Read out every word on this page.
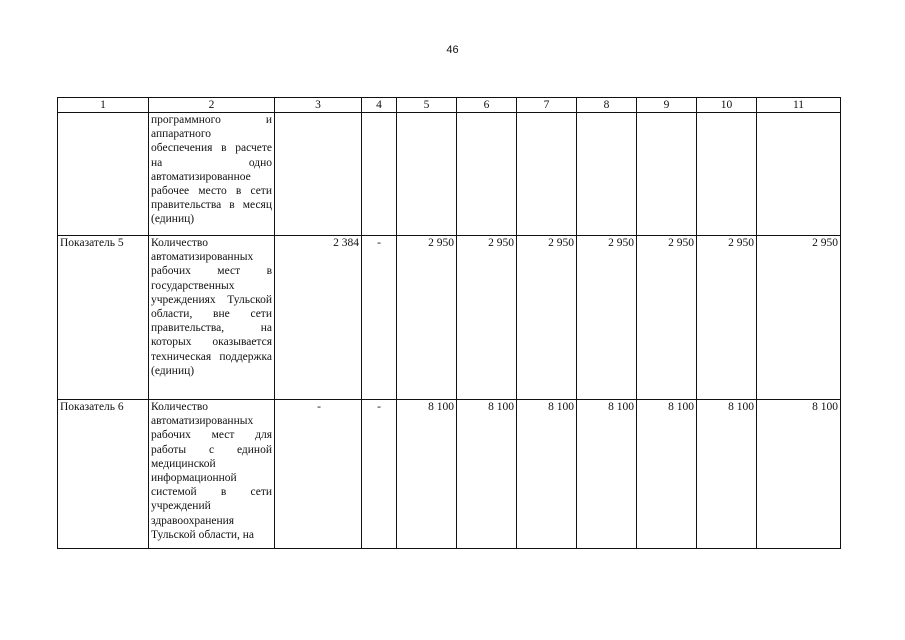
46
1	2	3	4	5	6	7	8	9	10	11
	программного и аппаратного обеспечения в расчете на одно автоматизированное рабочее место в сети правительства в месяц (единиц)									
Показатель 5	Количество автоматизированных рабочих мест в государственных учреждениях Тульской области, вне сети правительства, на которых оказывается техническая поддержка (единиц)	2 384	-	2 950	2 950	2 950	2 950	2 950	2 950	2 950
Показатель 6	Количество автоматизированных рабочих мест для работы с единой медицинской информационной системой в сети учреждений здравоохранения Тульской области, на	-	-	8 100	8 100	8 100	8 100	8 100	8 100	8 100
